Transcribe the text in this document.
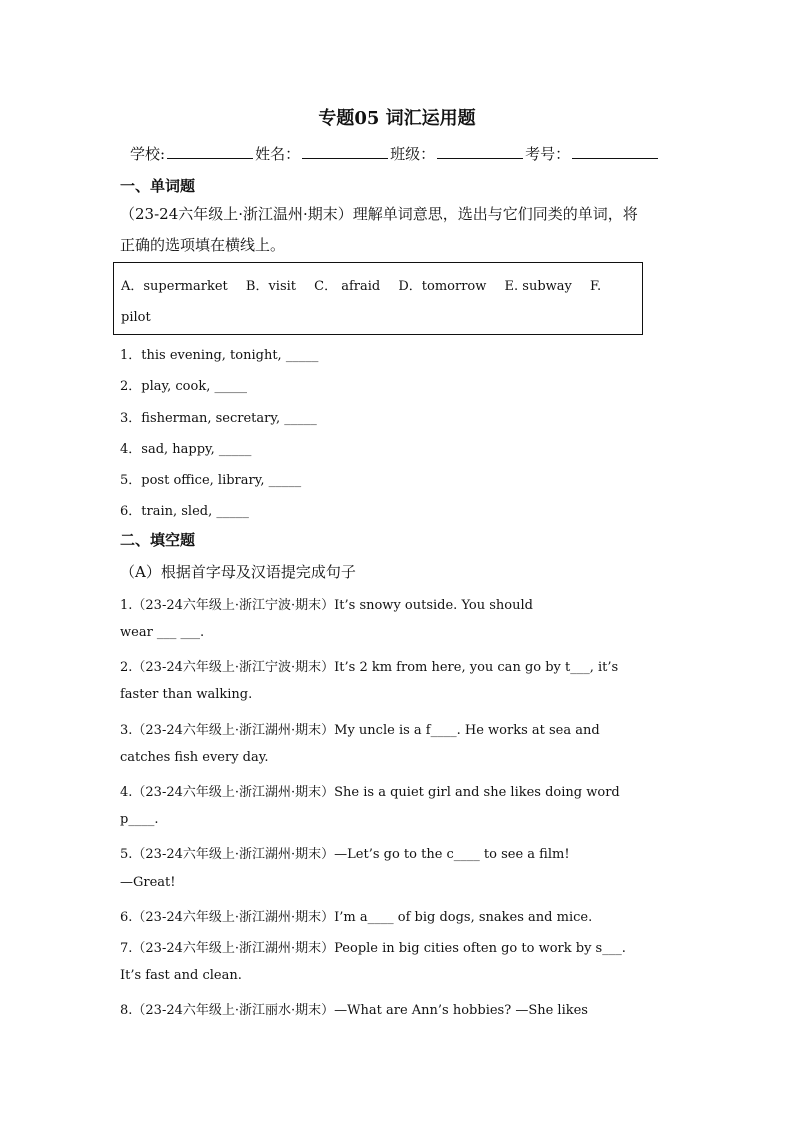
专题05 词汇运用题
学校:	姓名：	班级：	考号：
一、单词题
（23-24六年级上·浙江温州·期末）理解单词意思，选出与它们同类的单词，将
正确的选项填在横线上。
A．supermarket B．visit C． afraid D．tomorrow E. subway F.
pilot
1．this evening, tonight, _____
2．play, cook, _____
3．fisherman, secretary, _____
4．sad, happy, _____
5．post office, library, _____
6．train, sled, _____
二、填空题
（A）根据首字母及汉语提完成句子
1.（23-24六年级上·浙江宁波·期末）It’s snowy outside. You should
wear ___ ___.
2.（23-24六年级上·浙江宁波·期末）It’s 2 km from here, you can go by t___, it’s
faster than walking.
3.（23-24六年级上·浙江湖州·期末）My uncle is a f____. He works at sea and
catches fish every day.
4.（23-24六年级上·浙江湖州·期末）She is a quiet girl and she likes doing word
p____.
5.（23-24六年级上·浙江湖州·期末）—Let’s go to the c____ to see a film!
—Great!
6.（23-24六年级上·浙江湖州·期末）I’m a____ of big dogs, snakes and mice.
7.（23-24六年级上·浙江湖州·期末）People in big cities often go to work by s___.
It’s fast and clean.
8.（23-24六年级上·浙江丽水·期末）—What are Ann’s hobbies? —She likes
